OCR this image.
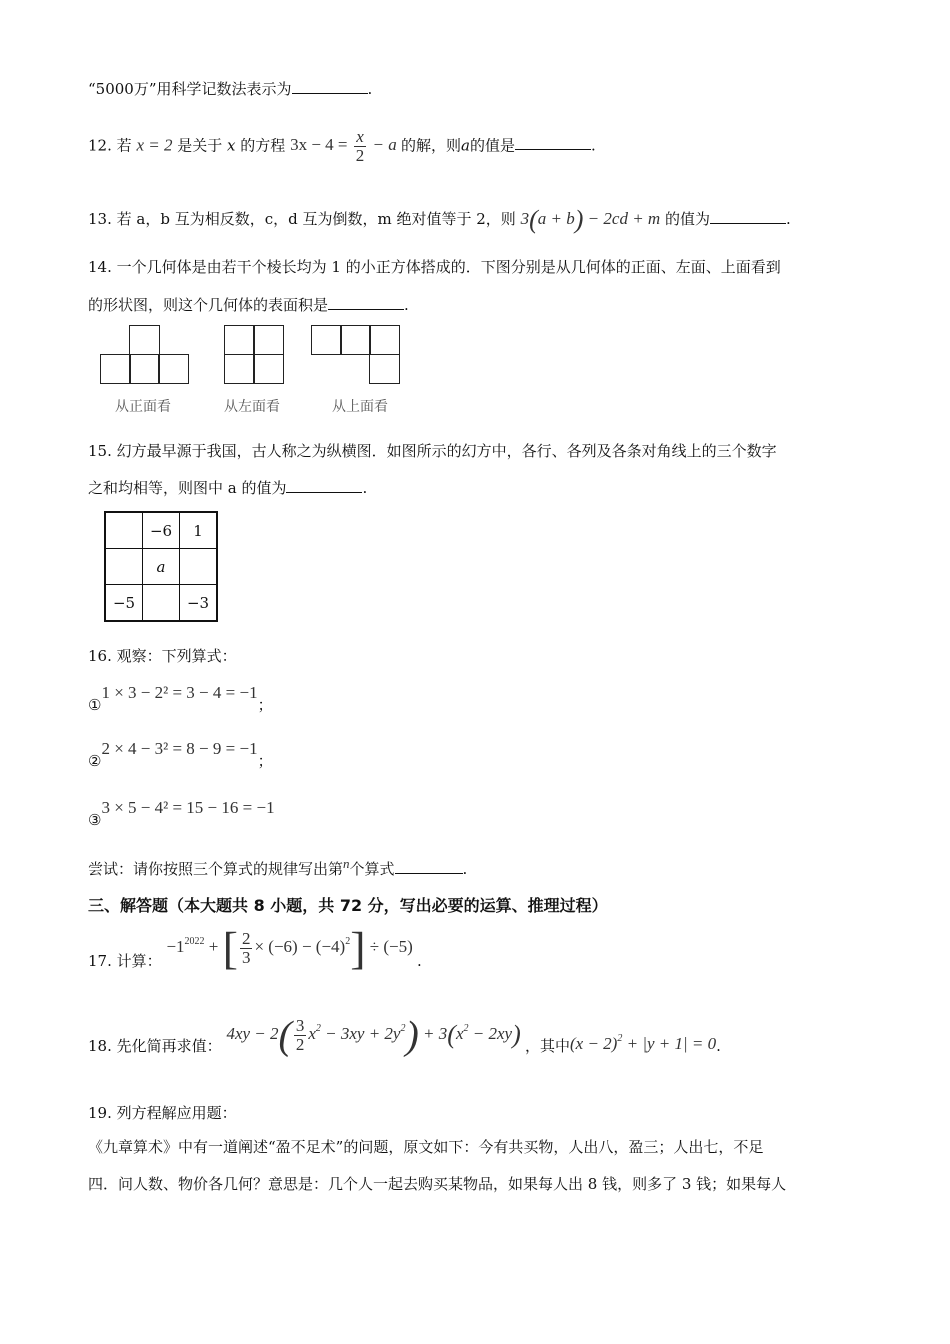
“5000万”用科学记数法表示为	.
12. 若 x = 2 是关于 x 的方程 $3x - 4 = \frac{x}{2} - a$ 的解，则a的值是	.
13. 若 a，b 互为相反数，c，d 互为倒数，m 绝对值等于 2，则 3(a + b) − 2cd + m 的值为	.
14. 一个几何体是由若干个棱长均为 1 的小正方体搭成的．下图分别是从几何体的正面、左面、上面看到
的形状图，则这个几何体的表面积是	.
从正面看	从左面看	从上面看
15. 幻方最早源于我国，古人称之为纵横图．如图所示的幻方中，各行、各列及各条对角线上的三个数字
之和均相等，则图中 a 的值为	.
	−6	1
	a	
−5		−3
16. 观察：下列算式：
①1 × 3 − 2² = 3 − 4 = −1；
②2 × 4 − 3² = 8 − 9 = −1；
③3 × 5 − 4² = 15 − 16 = −1
尝试：请你按照三个算式的规律写出第n个算式	.
三、解答题（本大题共 8 小题，共 72 分，写出必要的运算、推理过程）
17. 计算： $-1^{2022}$ + [ $\frac{2}{3} \times (-6) - (-4)^2] \div (-5)$ .
18. 先化简再求值： $4xy - 2( \frac{3}{2} x^2 - 3xy + 2y^2) + 3(x^2 - 2xy)$ ，其中$(x - 2)^2 + |y + 1| = 0$.
19. 列方程解应用题：
《九章算术》中有一道阐述“盈不足术”的问题，原文如下：今有共买物，人出八，盈三；人出七，不足
四．问人数、物价各几何？意思是：几个人一起去购买某物品，如果每人出 8 钱，则多了 3 钱；如果每人
